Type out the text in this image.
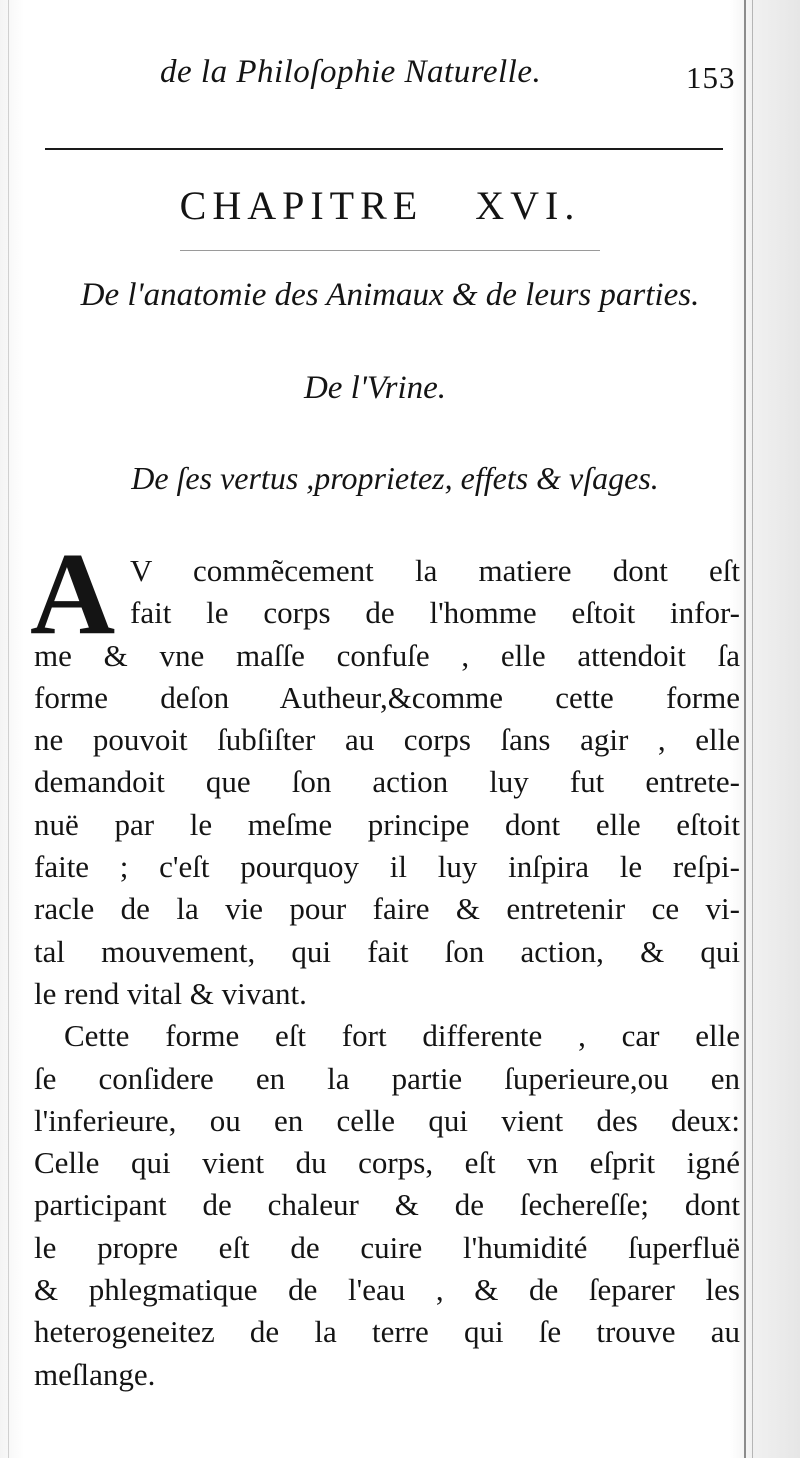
de la Philoſophie Naturelle.	153
CHAPITRE XVI.
De l'anatomie des Animaux & de leurs parties.
De l'Vrine.
De ſes vertus ,proprietez, effets & vſages.
A V commẽcement la matiere dont eſt
fait le corps de l'homme eſtoit infor-
me & vne maſſe confuſe , elle attendoit ſa
forme deſon Autheur,&comme cette forme
ne pouvoit ſubſiſter au corps ſans agir , elle
demandoit que ſon action luy fut entrete-
nuë par le meſme principe dont elle eſtoit
faite ; c'eſt pourquoy il luy inſpira le reſpi-
racle de la vie pour faire & entretenir ce vi-
tal mouvement, qui fait ſon action, & qui
le rend vital & vivant.
Cette forme eſt fort differente , car elle
ſe conſidere en la partie ſuperieure,ou en
l'inferieure, ou en celle qui vient des deux:
Celle qui vient du corps, eſt vn eſprit igné
participant de chaleur & de ſechereſſe; dont
le propre eſt de cuire l'humidité ſuperfluë
& phlegmatique de l'eau , & de ſeparer les
heterogeneitez de la terre qui ſe trouve au
meſlange.
